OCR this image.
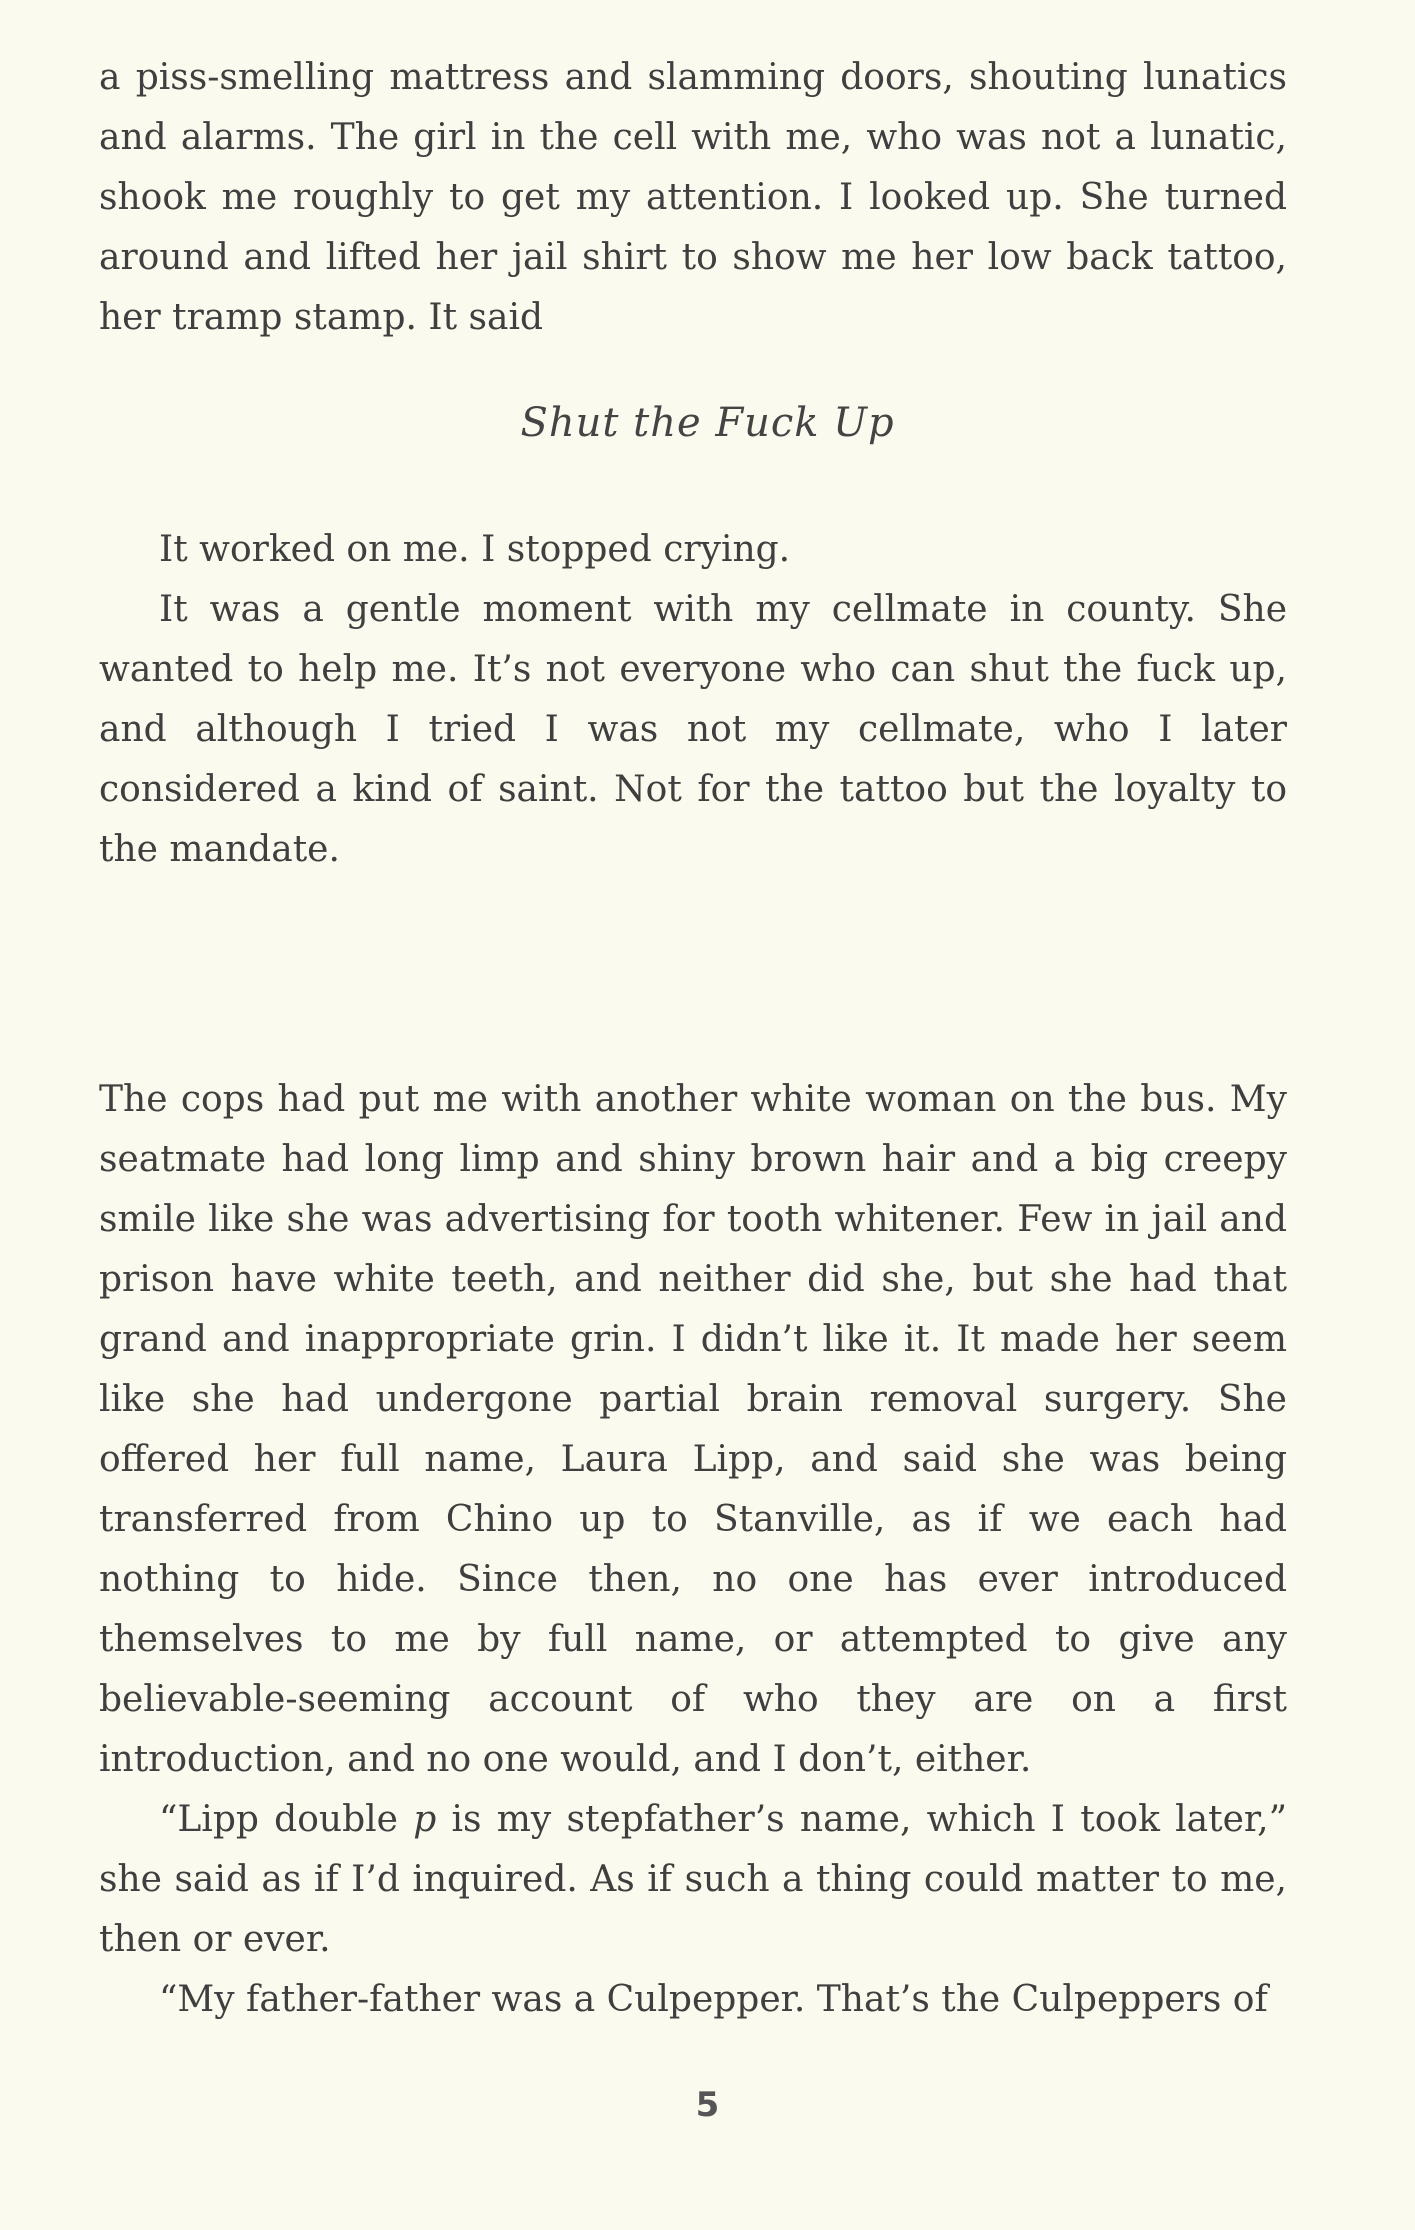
a piss-smelling mattress and slamming doors, shouting lunatics and alarms. The girl in the cell with me, who was not a lunatic, shook me roughly to get my attention. I looked up. She turned around and lifted her jail shirt to show me her low back tattoo, her tramp stamp. It said

Shut the Fuck Up

It worked on me. I stopped crying.

It was a gentle moment with my cellmate in county. She wanted to help me. It’s not everyone who can shut the fuck up, and although I tried I was not my cellmate, who I later considered a kind of saint. Not for the tattoo but the loyalty to the mandate.

The cops had put me with another white woman on the bus. My seatmate had long limp and shiny brown hair and a big creepy smile like she was advertising for tooth whitener. Few in jail and prison have white teeth, and neither did she, but she had that grand and inappropriate grin. I didn’t like it. It made her seem like she had undergone partial brain removal surgery. She offered her full name, Laura Lipp, and said she was being transferred from Chino up to Stanville, as if we each had nothing to hide. Since then, no one has ever introduced themselves to me by full name, or attempted to give any believable-seeming account of who they are on a first introduction, and no one would, and I don’t, either.

“Lipp double p is my stepfather’s name, which I took later,” she said as if I’d inquired. As if such a thing could matter to me, then or ever.

“My father-father was a Culpepper. That’s the Culpeppers of

5
